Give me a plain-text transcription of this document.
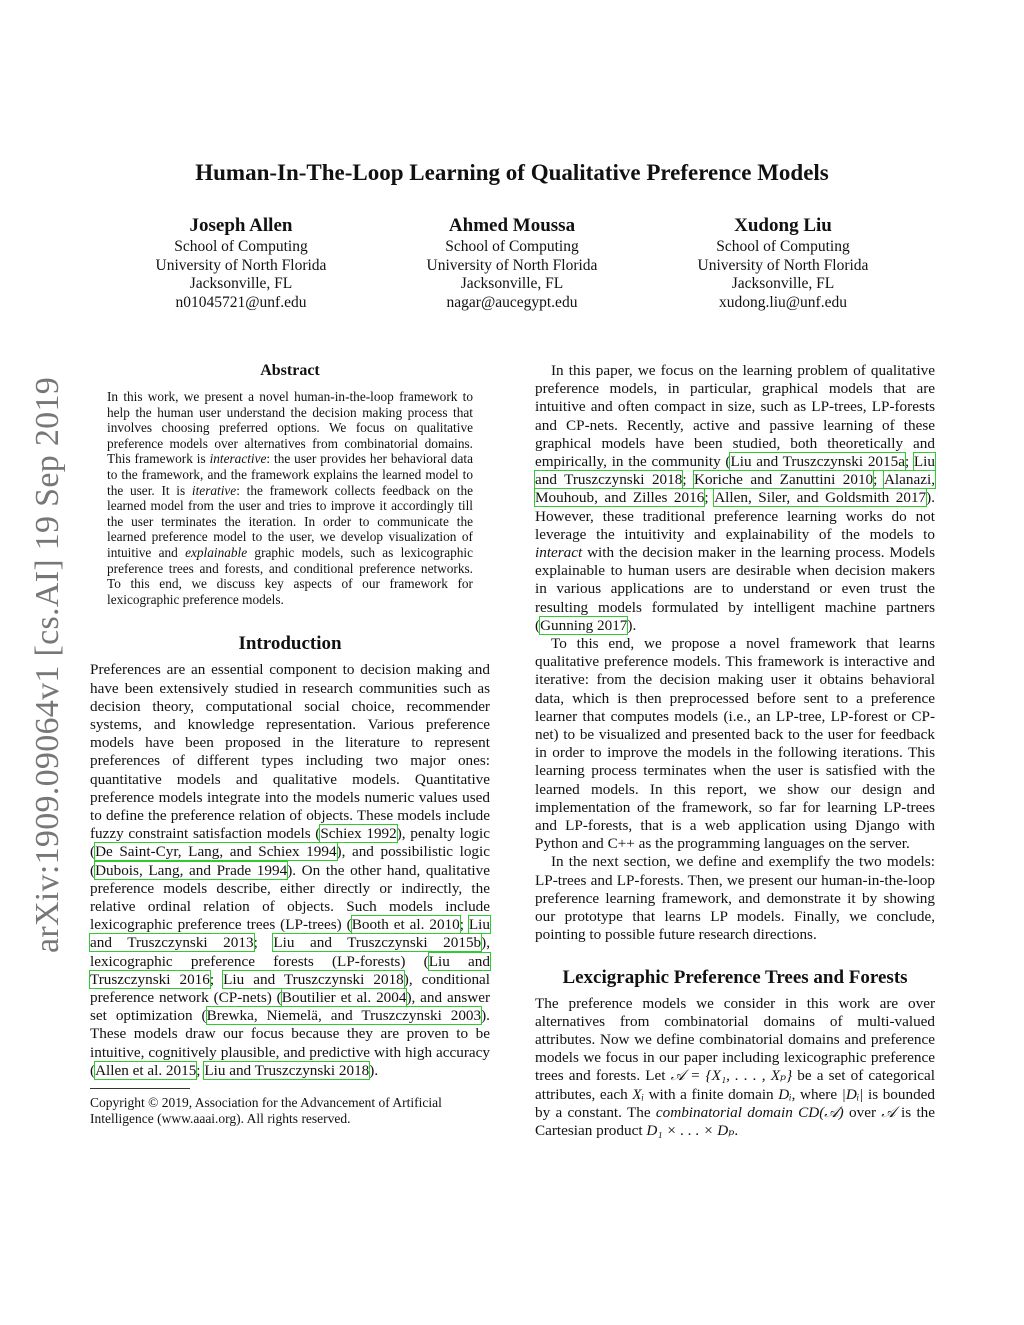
arXiv:1909.09064v1 [cs.AI] 19 Sep 2019
Human-In-The-Loop Learning of Qualitative Preference Models
Joseph Allen
School of Computing
University of North Florida
Jacksonville, FL
n01045721@unf.edu
Ahmed Moussa
School of Computing
University of North Florida
Jacksonville, FL
nagar@aucegypt.edu
Xudong Liu
School of Computing
University of North Florida
Jacksonville, FL
xudong.liu@unf.edu
Abstract

In this work, we present a novel human-in-the-loop framework to help the human user understand the decision making process that involves choosing preferred options. We focus on qualitative preference models over alternatives from combinatorial domains. This framework is interactive: the user provides her behavioral data to the framework, and the framework explains the learned model to the user. It is iterative: the framework collects feedback on the learned model from the user and tries to improve it accordingly till the user terminates the iteration. In order to communicate the learned preference model to the user, we develop visualization of intuitive and explainable graphic models, such as lexicographic preference trees and forests, and conditional preference networks. To this end, we discuss key aspects of our framework for lexicographic preference models.

Introduction

Preferences are an essential component to decision making and have been extensively studied in research communities such as decision theory, computational social choice, recommender systems, and knowledge representation. Various preference models have been proposed in the literature to represent preferences of different types including two major ones: quantitative models and qualitative models. Quantitative preference models integrate into the models numeric values used to define the preference relation of objects. These models include fuzzy constraint satisfaction models (Schiex 1992), penalty logic (De Saint-Cyr, Lang, and Schiex 1994), and possibilistic logic (Dubois, Lang, and Prade 1994). On the other hand, qualitative preference models describe, either directly or indirectly, the relative ordinal relation of objects. Such models include lexicographic preference trees (LP-trees) (Booth et al. 2010; Liu and Truszczynski 2013; Liu and Truszczynski 2015b), lexicographic preference forests (LP-forests) (Liu and Truszczynski 2016; Liu and Truszczynski 2018), conditional preference network (CP-nets) (Boutilier et al. 2004), and answer set optimization (Brewka, Niemelä, and Truszczynski 2003). These models draw our focus because they are proven to be intuitive, cognitively plausible, and predictive with high accuracy (Allen et al. 2015; Liu and Truszczynski 2018).

Copyright © 2019, Association for the Advancement of Artificial Intelligence (www.aaai.org). All rights reserved.

In this paper, we focus on the learning problem of qualitative preference models, in particular, graphical models that are intuitive and often compact in size, such as LP-trees, LP-forests and CP-nets. Recently, active and passive learning of these graphical models have been studied, both theoretically and empirically, in the community (Liu and Truszczynski 2015a; Liu and Truszczynski 2018; Koriche and Zanuttini 2010; Alanazi, Mouhoub, and Zilles 2016; Allen, Siler, and Goldsmith 2017). However, these traditional preference learning works do not leverage the intuitivity and explainability of the models to interact with the decision maker in the learning process. Models explainable to human users are desirable when decision makers in various applications are to understand or even trust the resulting models formulated by intelligent machine partners (Gunning 2017).

To this end, we propose a novel framework that learns qualitative preference models. This framework is interactive and iterative: from the decision making user it obtains behavioral data, which is then preprocessed before sent to a preference learner that computes models (i.e., an LP-tree, LP-forest or CP-net) to be visualized and presented back to the user for feedback in order to improve the models in the following iterations. This learning process terminates when the user is satisfied with the learned models. In this report, we show our design and implementation of the framework, so far for learning LP-trees and LP-forests, that is a web application using Django with Python and C++ as the programming languages on the server.

In the next section, we define and exemplify the two models: LP-trees and LP-forests. Then, we present our human-in-the-loop preference learning framework, and demonstrate it by showing our prototype that learns LP models. Finally, we conclude, pointing to possible future research directions.

Lexcigraphic Preference Trees and Forests

The preference models we consider in this work are over alternatives from combinatorial domains of multi-valued attributes. Now we define combinatorial domains and preference models we focus in our paper including lexicographic preference trees and forests. Let 𝒜 = {X₁, . . . , Xₚ} be a set of categorical attributes, each Xᵢ with a finite domain Dᵢ, where |Dᵢ| is bounded by a constant. The combinatorial domain CD(𝒜) over 𝒜 is the Cartesian product D₁ × . . . × Dₚ.
